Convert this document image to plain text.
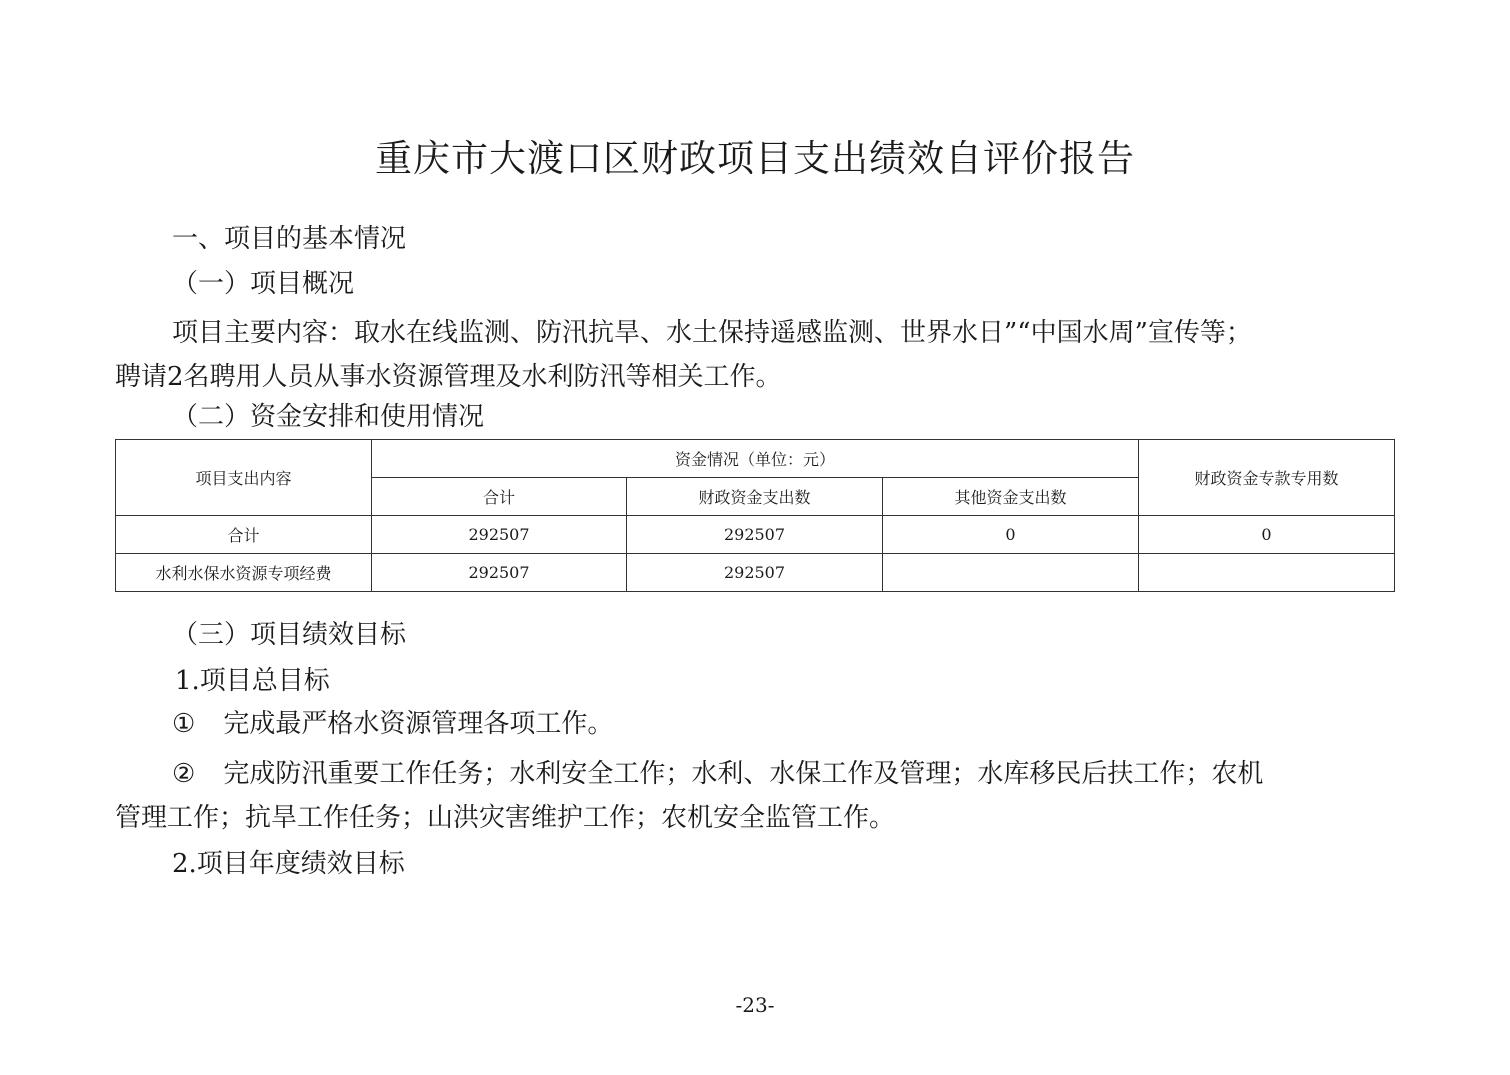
重庆市大渡口区财政项目支出绩效自评价报告
一、项目的基本情况
（一）项目概况
项目主要内容：取水在线监测、防汛抗旱、水土保持遥感监测、世界水日”“中国水周”宣传等；
聘请2名聘用人员从事水资源管理及水利防汛等相关工作。
（二）资金安排和使用情况
项目支出内容	资金情况（单位：元）			财政资金专款专用数
	合计	财政资金支出数	其他资金支出数	
合计	292507	292507	0	0
水利水保水资源专项经费	292507	292507		
（三）项目绩效目标
1.项目总目标
① 完成最严格水资源管理各项工作。
② 完成防汛重要工作任务；水利安全工作；水利、水保工作及管理；水库移民后扶工作；农机
管理工作；抗旱工作任务；山洪灾害维护工作；农机安全监管工作。
2.项目年度绩效目标
-23-
